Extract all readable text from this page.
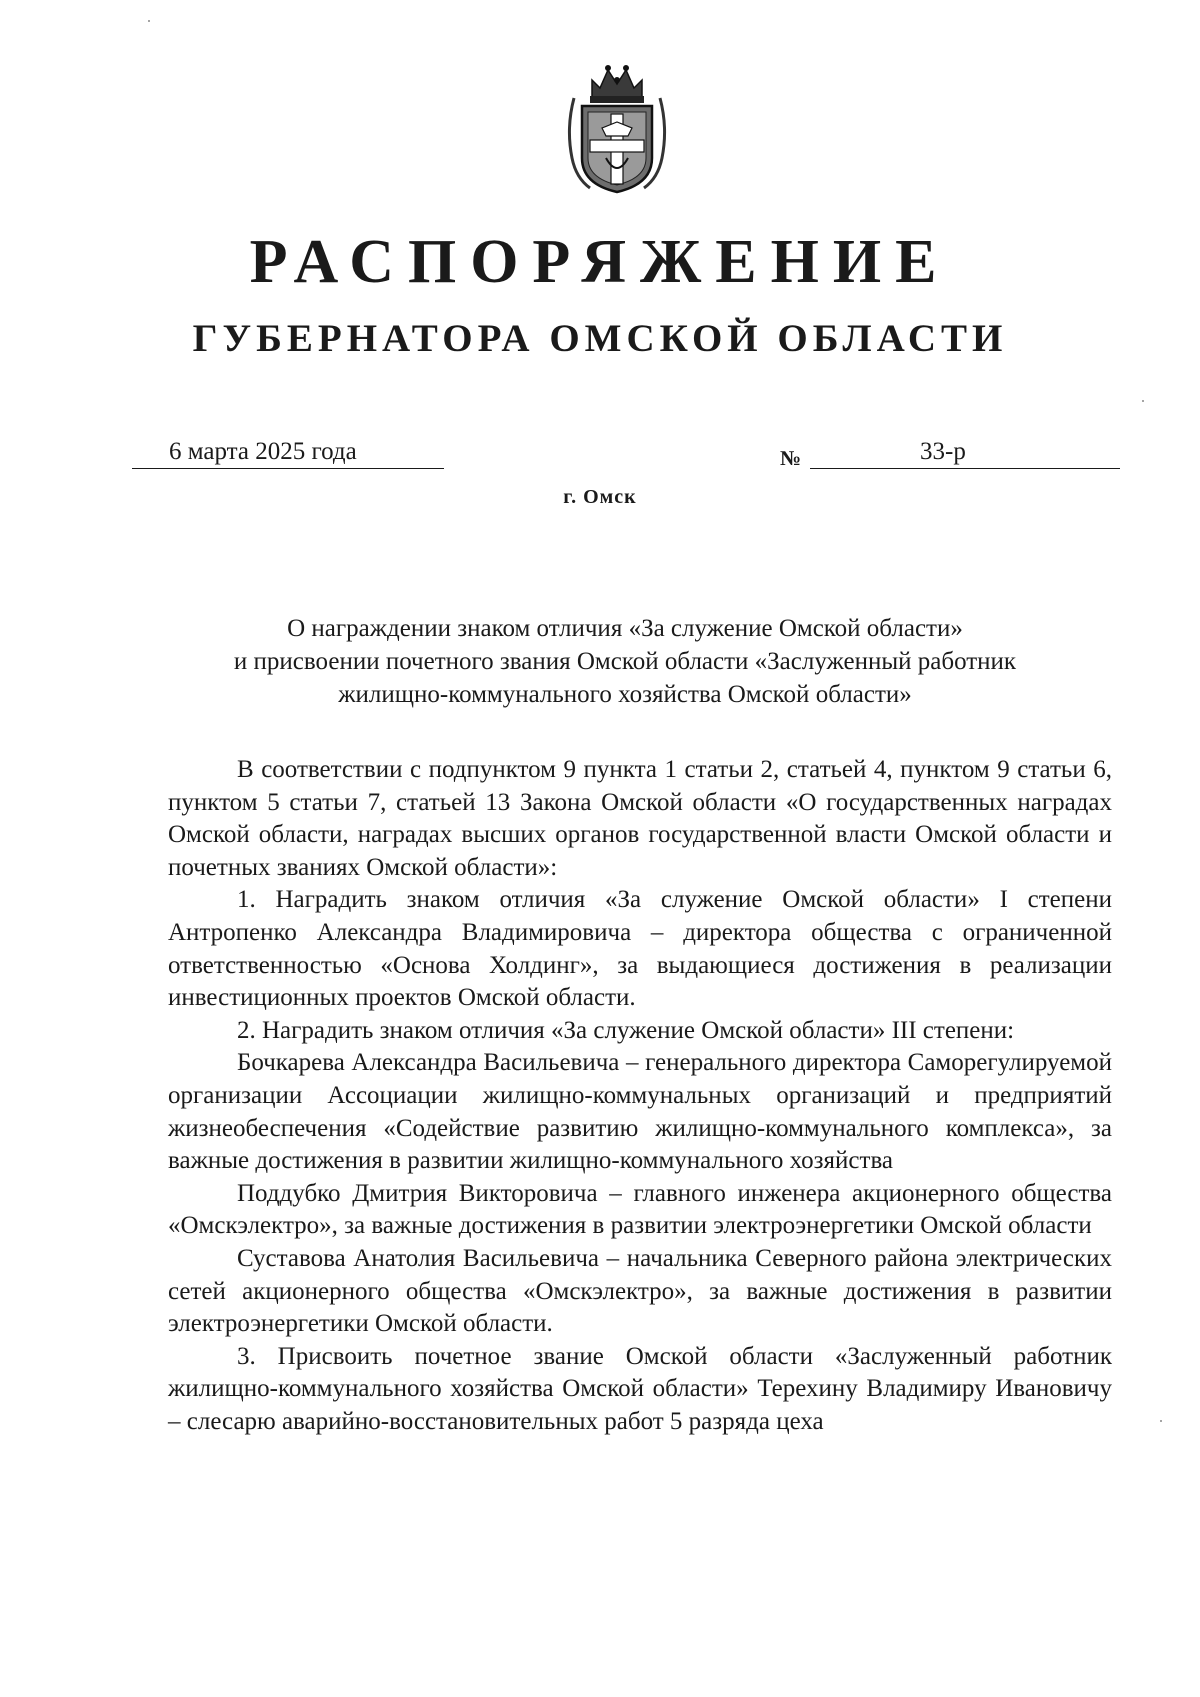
РАСПОРЯЖЕНИЕ
ГУБЕРНАТОРА ОМСКОЙ ОБЛАСТИ
6 марта 2025 года	№	33-р
г. Омск
О награждении знаком отличия «За служение Омской области»
и присвоении почетного звания Омской области «Заслуженный работник
жилищно-коммунального хозяйства Омской области»

В соответствии с подпунктом 9 пункта 1 статьи 2, статьей 4, пунктом 9 статьи 6, пунктом 5 статьи 7, статьей 13 Закона Омской области «О государственных наградах Омской области, наградах высших органов государственной власти Омской области и почетных званиях Омской области»:

1. Наградить знаком отличия «За служение Омской области» I степени Антропенко Александра Владимировича – директора общества с ограниченной ответственностью «Основа Холдинг», за выдающиеся достижения в реализации инвестиционных проектов Омской области.

2. Наградить знаком отличия «За служение Омской области» III степени:

Бочкарева Александра Васильевича – генерального директора Саморегулируемой организации Ассоциации жилищно-коммунальных организаций и предприятий жизнеобеспечения «Содействие развитию жилищно-коммунального комплекса», за важные достижения в развитии жилищно-коммунального хозяйства

Поддубко Дмитрия Викторовича – главного инженера акционерного общества «Омскэлектро», за важные достижения в развитии электроэнергетики Омской области

Суставова Анатолия Васильевича – начальника Северного района электрических сетей акционерного общества «Омскэлектро», за важные достижения в развитии электроэнергетики Омской области.

3. Присвоить почетное звание Омской области «Заслуженный работник жилищно-коммунального хозяйства Омской области» Терехину Владимиру Ивановичу – слесарю аварийно-восстановительных работ 5 разряда цеха
